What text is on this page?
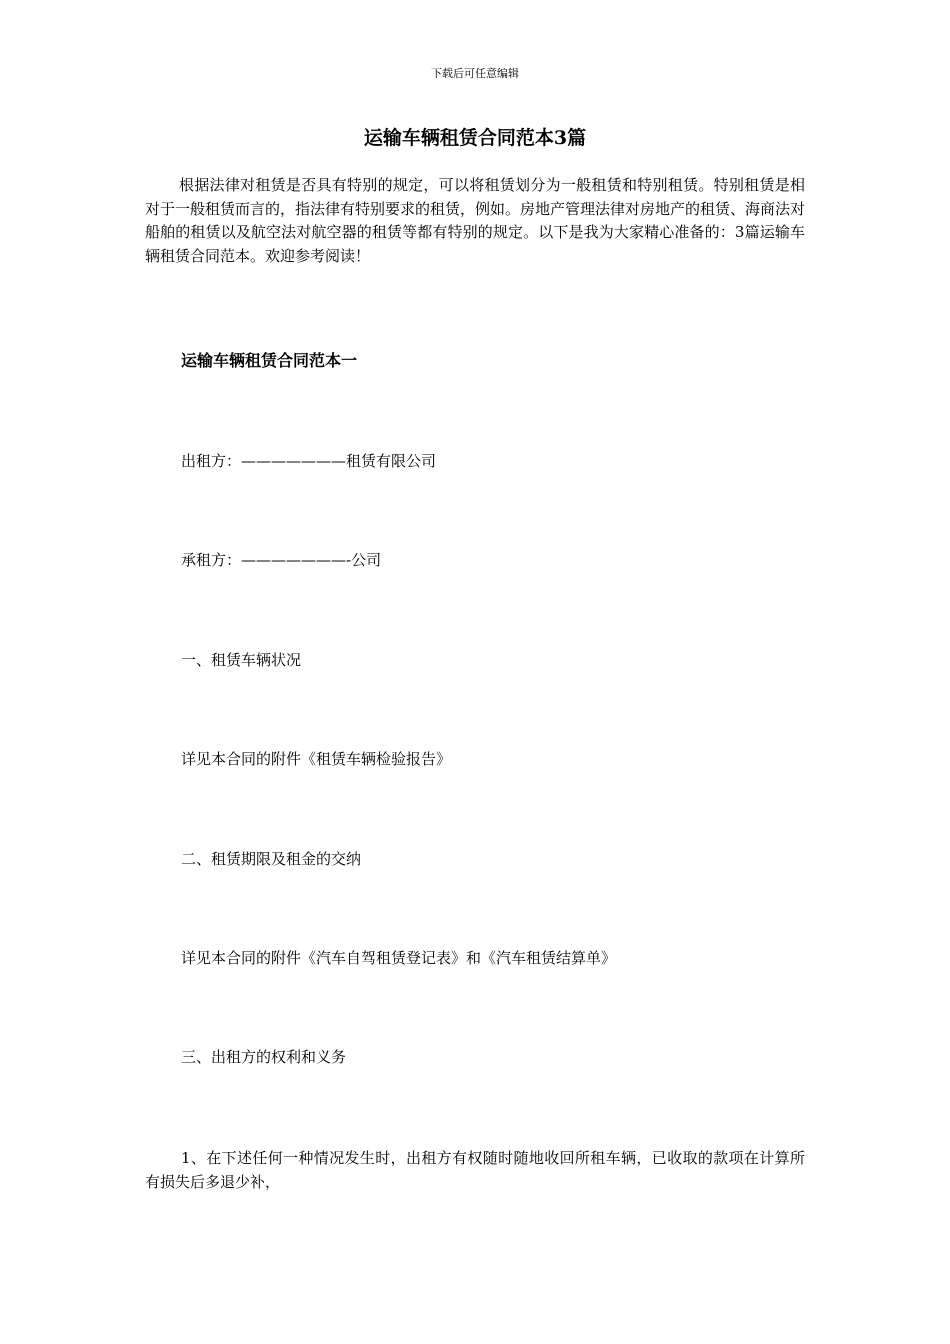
下载后可任意编辑
运输车辆租赁合同范本3篇

根据法律对租赁是否具有特别的规定，可以将租赁划分为一般租赁和特别租赁。特别租赁是相对于一般租赁而言的，指法律有特别要求的租赁，例如。房地产管理法律对房地产的租赁、海商法对船舶的租赁以及航空法对航空器的租赁等都有特别的规定。以下是我为大家精心准备的：3篇运输车辆租赁合同范本。欢迎参考阅读！

运输车辆租赁合同范本一

出租方：———————租赁有限公司

承租方：———————-公司

一、租赁车辆状况

详见本合同的附件《租赁车辆检验报告》

二、租赁期限及租金的交纳

详见本合同的附件《汽车自驾租赁登记表》和《汽车租赁结算单》

三、出租方的权利和义务

1、在下述任何一种情况发生时，出租方有权随时随地收回所租车辆，已收取的款项在计算所有损失后多退少补，
